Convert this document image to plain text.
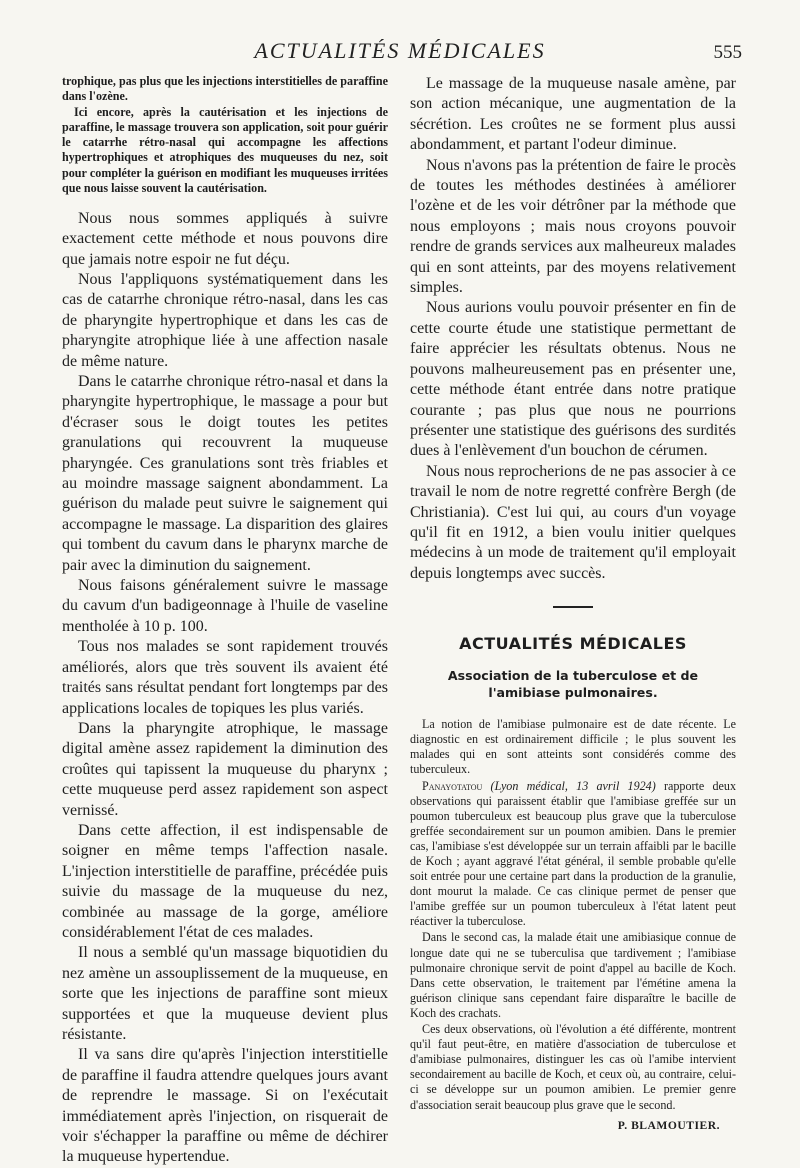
ACTUALITÉS MÉDICALES	555

trophique, pas plus que les injections interstitielles de paraffine dans l'ozène.

Ici encore, après la cautérisation et les injections de paraffine, le massage trouvera son application, soit pour guérir le catarrhe rétro-nasal qui accompagne les affections hypertrophiques et atrophiques des muqueuses du nez, soit pour compléter la guérison en modifiant les muqueuses irritées que nous laisse souvent la cautérisation.

Nous nous sommes appliqués à suivre exactement cette méthode et nous pouvons dire que jamais notre espoir ne fut déçu.

Nous l'appliquons systématiquement dans les cas de catarrhe chronique rétro-nasal, dans les cas de pharyngite hypertrophique et dans les cas de pharyngite atrophique liée à une affection nasale de même nature.

Dans le catarrhe chronique rétro-nasal et dans la pharyngite hypertrophique, le massage a pour but d'écraser sous le doigt toutes les petites granulations qui recouvrent la muqueuse pharyngée. Ces granulations sont très friables et au moindre massage saignent abondamment. La guérison du malade peut suivre le saignement qui accompagne le massage. La disparition des glaires qui tombent du cavum dans le pharynx marche de pair avec la diminution du saignement.

Nous faisons généralement suivre le massage du cavum d'un badigeonnage à l'huile de vaseline mentholée à 10 p. 100.

Tous nos malades se sont rapidement trouvés améliorés, alors que très souvent ils avaient été traités sans résultat pendant fort longtemps par des applications locales de topiques les plus variés.

Dans la pharyngite atrophique, le massage digital amène assez rapidement la diminution des croûtes qui tapissent la muqueuse du pharynx ; cette muqueuse perd assez rapidement son aspect vernissé.

Dans cette affection, il est indispensable de soigner en même temps l'affection nasale. L'injection interstitielle de paraffine, précédée puis suivie du massage de la muqueuse du nez, combinée au massage de la gorge, améliore considérablement l'état de ces malades.

Il nous a semblé qu'un massage biquotidien du nez amène un assouplissement de la muqueuse, en sorte que les injections de paraffine sont mieux supportées et que la muqueuse devient plus résistante.

Il va sans dire qu'après l'injection interstitielle de paraffine il faudra attendre quelques jours avant de reprendre le massage. Si on l'exécutait immédiatement après l'injection, on risquerait de voir s'échapper la paraffine ou même de déchirer la muqueuse hypertendue.

Le massage de la muqueuse nasale amène, par son action mécanique, une augmentation de la sécrétion. Les croûtes ne se forment plus aussi abondamment, et partant l'odeur diminue.

Nous n'avons pas la prétention de faire le procès de toutes les méthodes destinées à améliorer l'ozène et de les voir détrôner par la méthode que nous employons ; mais nous croyons pouvoir rendre de grands services aux malheureux malades qui en sont atteints, par des moyens relativement simples.

Nous aurions voulu pouvoir présenter en fin de cette courte étude une statistique permettant de faire apprécier les résultats obtenus. Nous ne pouvons malheureusement pas en présenter une, cette méthode étant entrée dans notre pratique courante ; pas plus que nous ne pourrions présenter une statistique des guérisons des surdités dues à l'enlèvement d'un bouchon de cérumen.

Nous nous reprocherions de ne pas associer à ce travail le nom de notre regretté confrère Bergh (de Christiania). C'est lui qui, au cours d'un voyage qu'il fit en 1912, a bien voulu initier quelques médecins à un mode de traitement qu'il employait depuis longtemps avec succès.

ACTUALITÉS MÉDICALES
Association de la tuberculose et de l'amibiase pulmonaires.

La notion de l'amibiase pulmonaire est de date récente. Le diagnostic en est ordinairement difficile ; le plus souvent les malades qui en sont atteints sont considérés comme des tuberculeux.

Panayotatou (Lyon médical, 13 avril 1924) rapporte deux observations qui paraissent établir que l'amibiase greffée sur un poumon tuberculeux est beaucoup plus grave que la tuberculose greffée secondairement sur un poumon amibien. Dans le premier cas, l'amibiase s'est développée sur un terrain affaibli par le bacille de Koch ; ayant aggravé l'état général, il semble probable qu'elle soit entrée pour une certaine part dans la production de la granulie, dont mourut la malade. Ce cas clinique permet de penser que l'amibe greffée sur un poumon tuberculeux à l'état latent peut réactiver la tuberculose.

Dans le second cas, la malade était une amibiasique connue de longue date qui ne se tuberculisa que tardivement ; l'amibiase pulmonaire chronique servit de point d'appel au bacille de Koch. Dans cette observation, le traitement par l'émétine amena la guérison clinique sans cependant faire disparaître le bacille de Koch des crachats.

Ces deux observations, où l'évolution a été différente, montrent qu'il faut peut-être, en matière d'association de tuberculose et d'amibiase pulmonaires, distinguer les cas où l'amibe intervient secondairement au bacille de Koch, et ceux où, au contraire, celui-ci se développe sur un poumon amibien. Le premier genre d'association serait beaucoup plus grave que le second.

P. BLAMOUTIER.
